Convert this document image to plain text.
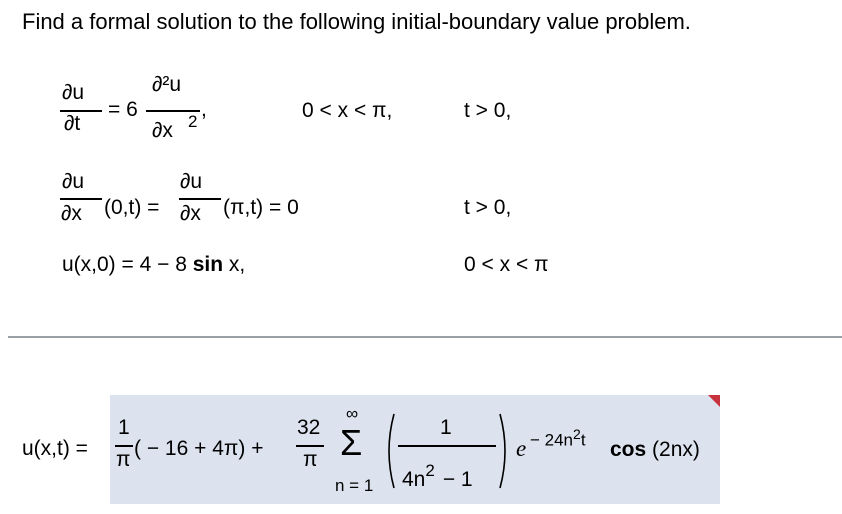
Find a formal solution to the following initial-boundary value problem.
∂u
∂t
= 6
∂²u
∂x 2
,	0 < x < π,	t > 0,
∂u
∂x (0,t) =
∂u
∂x (π,t) = 0	t > 0,
u(x,0) = 4 − 8 sin x,	0 < x < π
u(x,t) =
1
π ( − 16 + 4π) +
32
π
∞
Σ
n = 1
1
$4n^2 - 1$
$e - 24n^2t$ cos (2nx)
